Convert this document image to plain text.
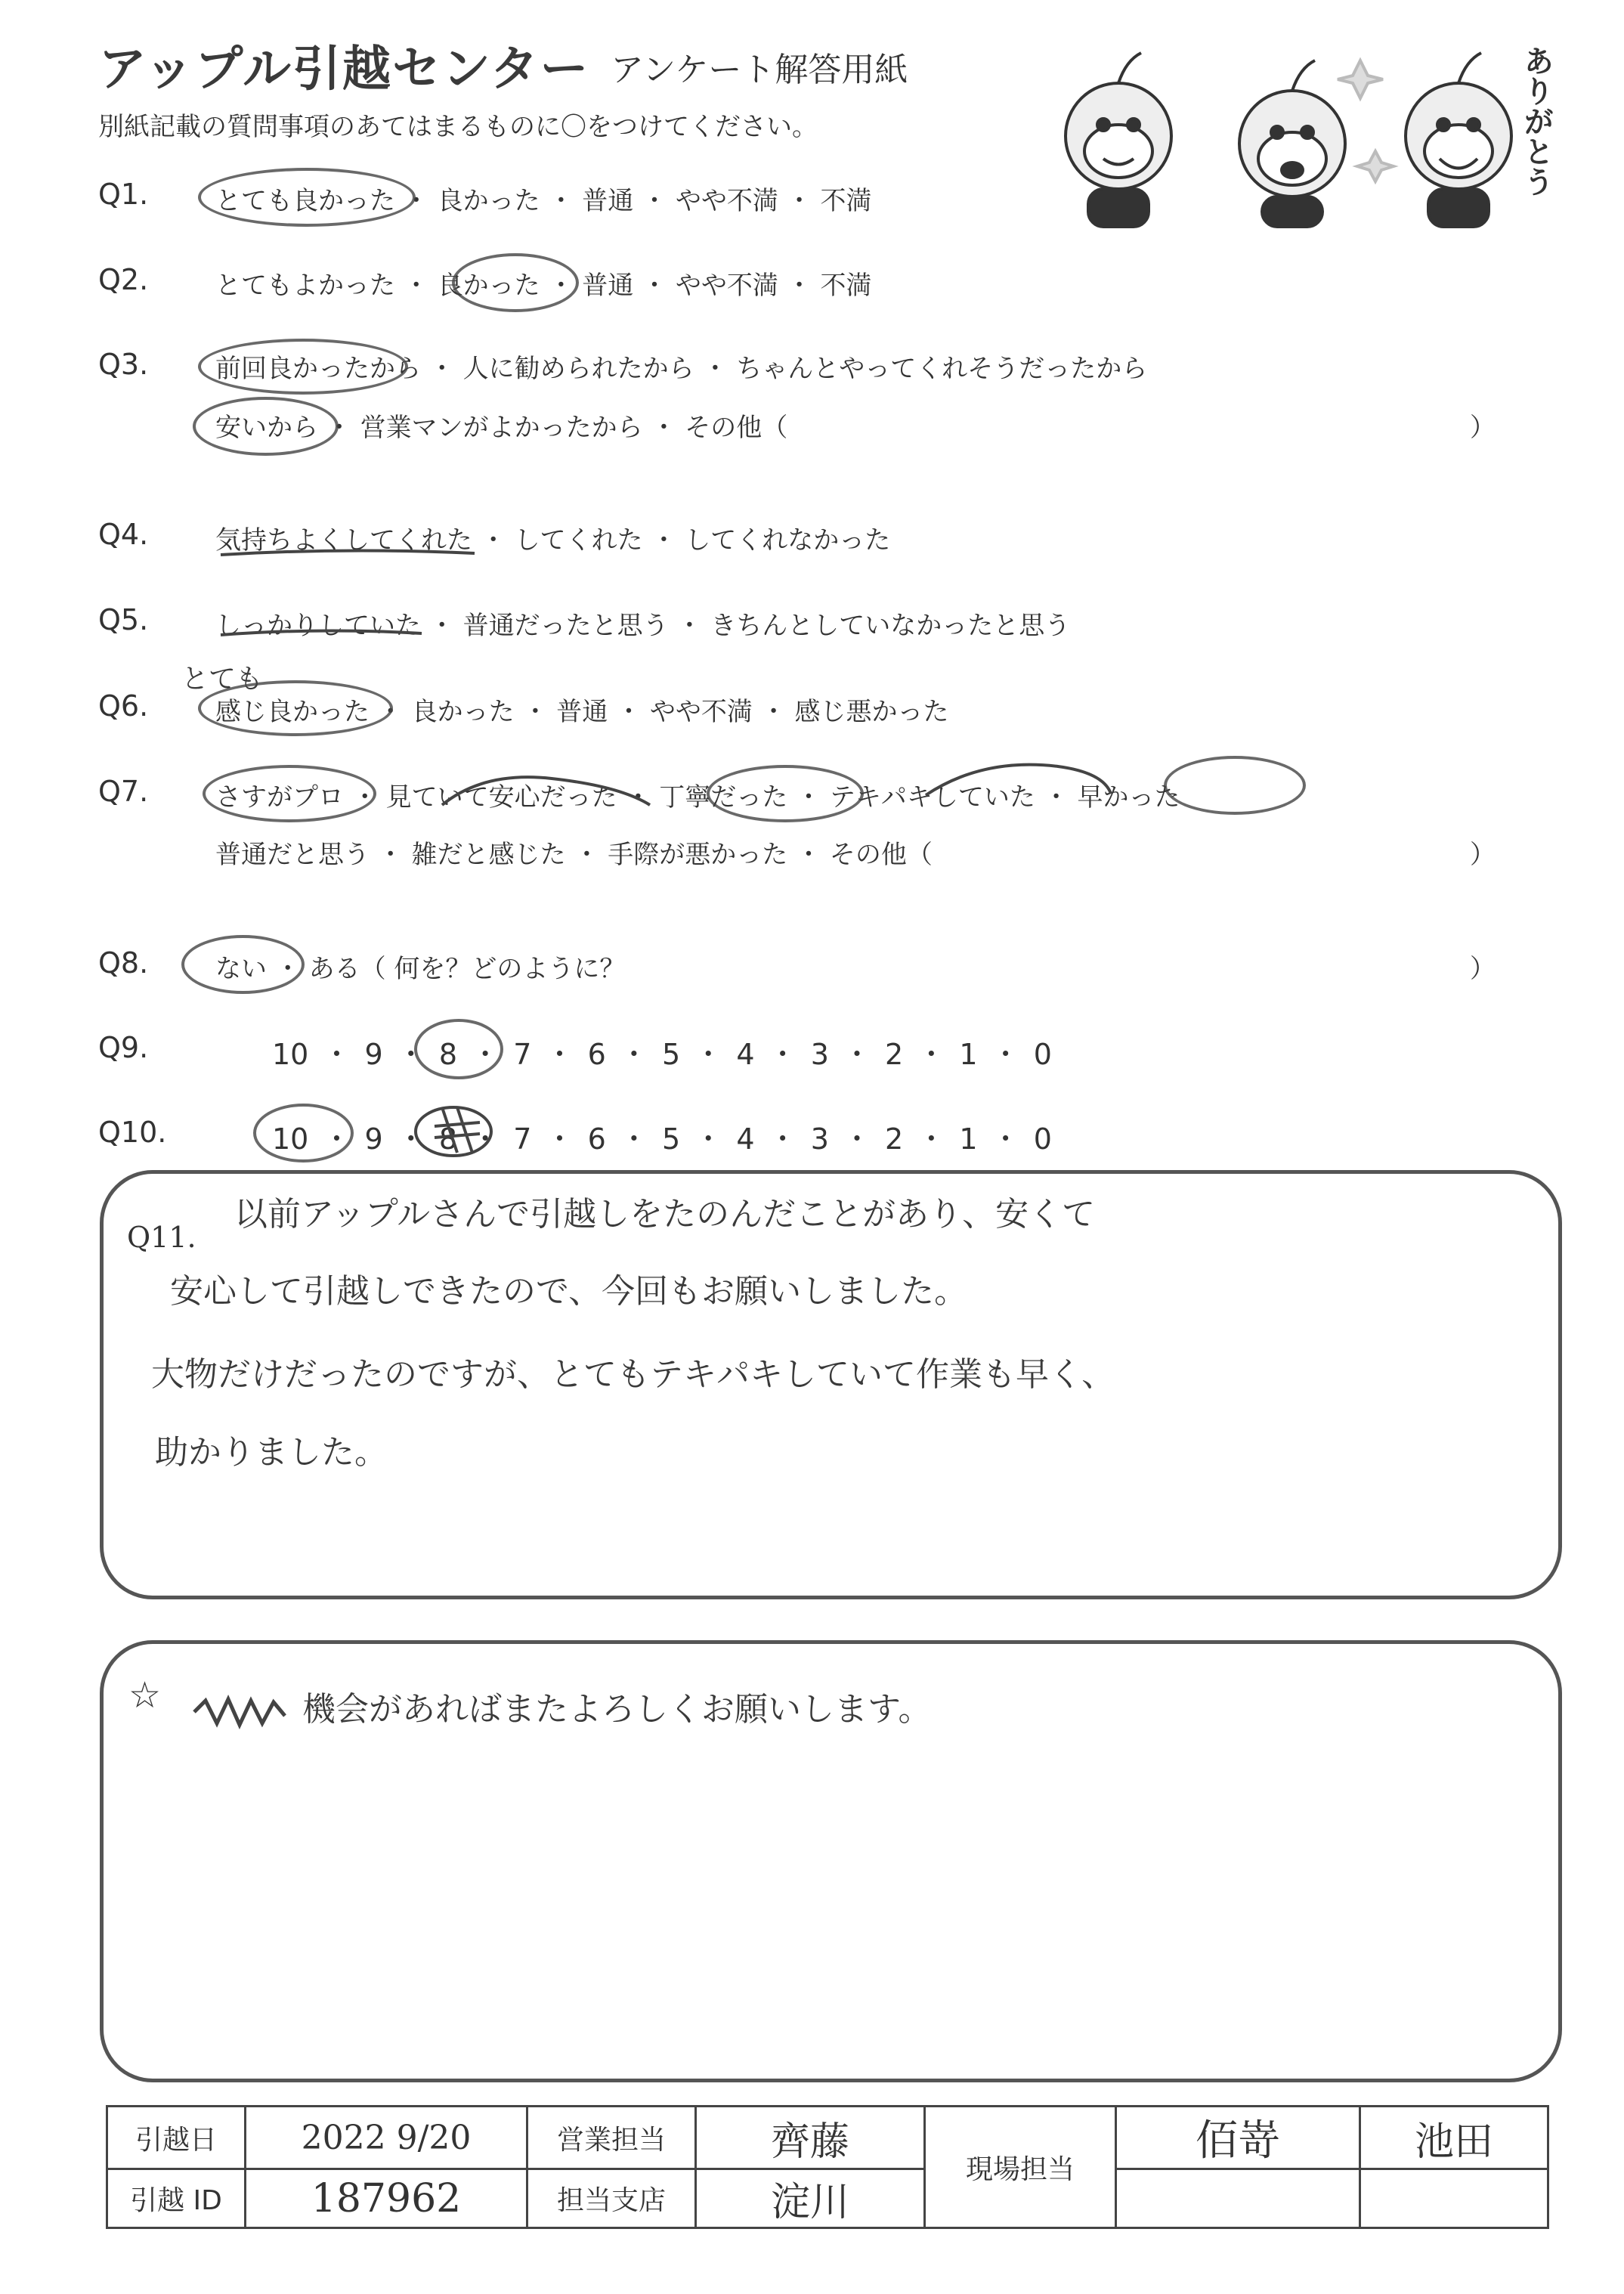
アップル引越センター アンケート解答用紙
別紙記載の質問事項のあてはまるものに〇をつけてください。	ありがとう
Q1.	とても良かった ・ 良かった ・ 普通 ・ やや不満 ・ 不満
Q2.	とてもよかった ・ 良かった ・ 普通 ・ やや不満 ・ 不満
Q3.	前回良かったから ・ 人に勧められたから ・ ちゃんとやってくれそうだったから
安いから ・ 営業マンがよかったから ・ その他（	）
Q4.	気持ちよくしてくれた ・ してくれた ・ してくれなかった
Q5.	しっかりしていた ・ 普通だったと思う ・ きちんとしていなかったと思う
とても
Q6.	感じ良かった ・ 良かった ・ 普通 ・ やや不満 ・ 感じ悪かった
Q7.	さすがプロ ・ 見ていて安心だった ・ 丁寧だった ・ テキパキしていた ・ 早かった
普通だと思う ・ 雑だと感じた ・ 手際が悪かった ・ その他（	）
Q8.	ない ・ ある（ 何を？どのように？	）
Q9.	10 ・ 9 ・ 8 ・ 7 ・ 6 ・ 5 ・ 4 ・ 3 ・ 2 ・ 1 ・ 0
Q10.	10 ・ 9 ・ 8 ・ 7 ・ 6 ・ 5 ・ 4 ・ 3 ・ 2 ・ 1 ・ 0
Q11.
以前アップルさんで引越しをたのんだことがあり、安くて
安心して引越しできたので、今回もお願いしました。
大物だけだったのですが、とてもテキパキしていて作業も早く、
助かりました。
☆	機会があればまたよろしくお願いします。
引越日	2022 9/20	営業担当	齊藤	現場担当	佰嵜	池田
引越 ID	187962	担当支店	淀川			
